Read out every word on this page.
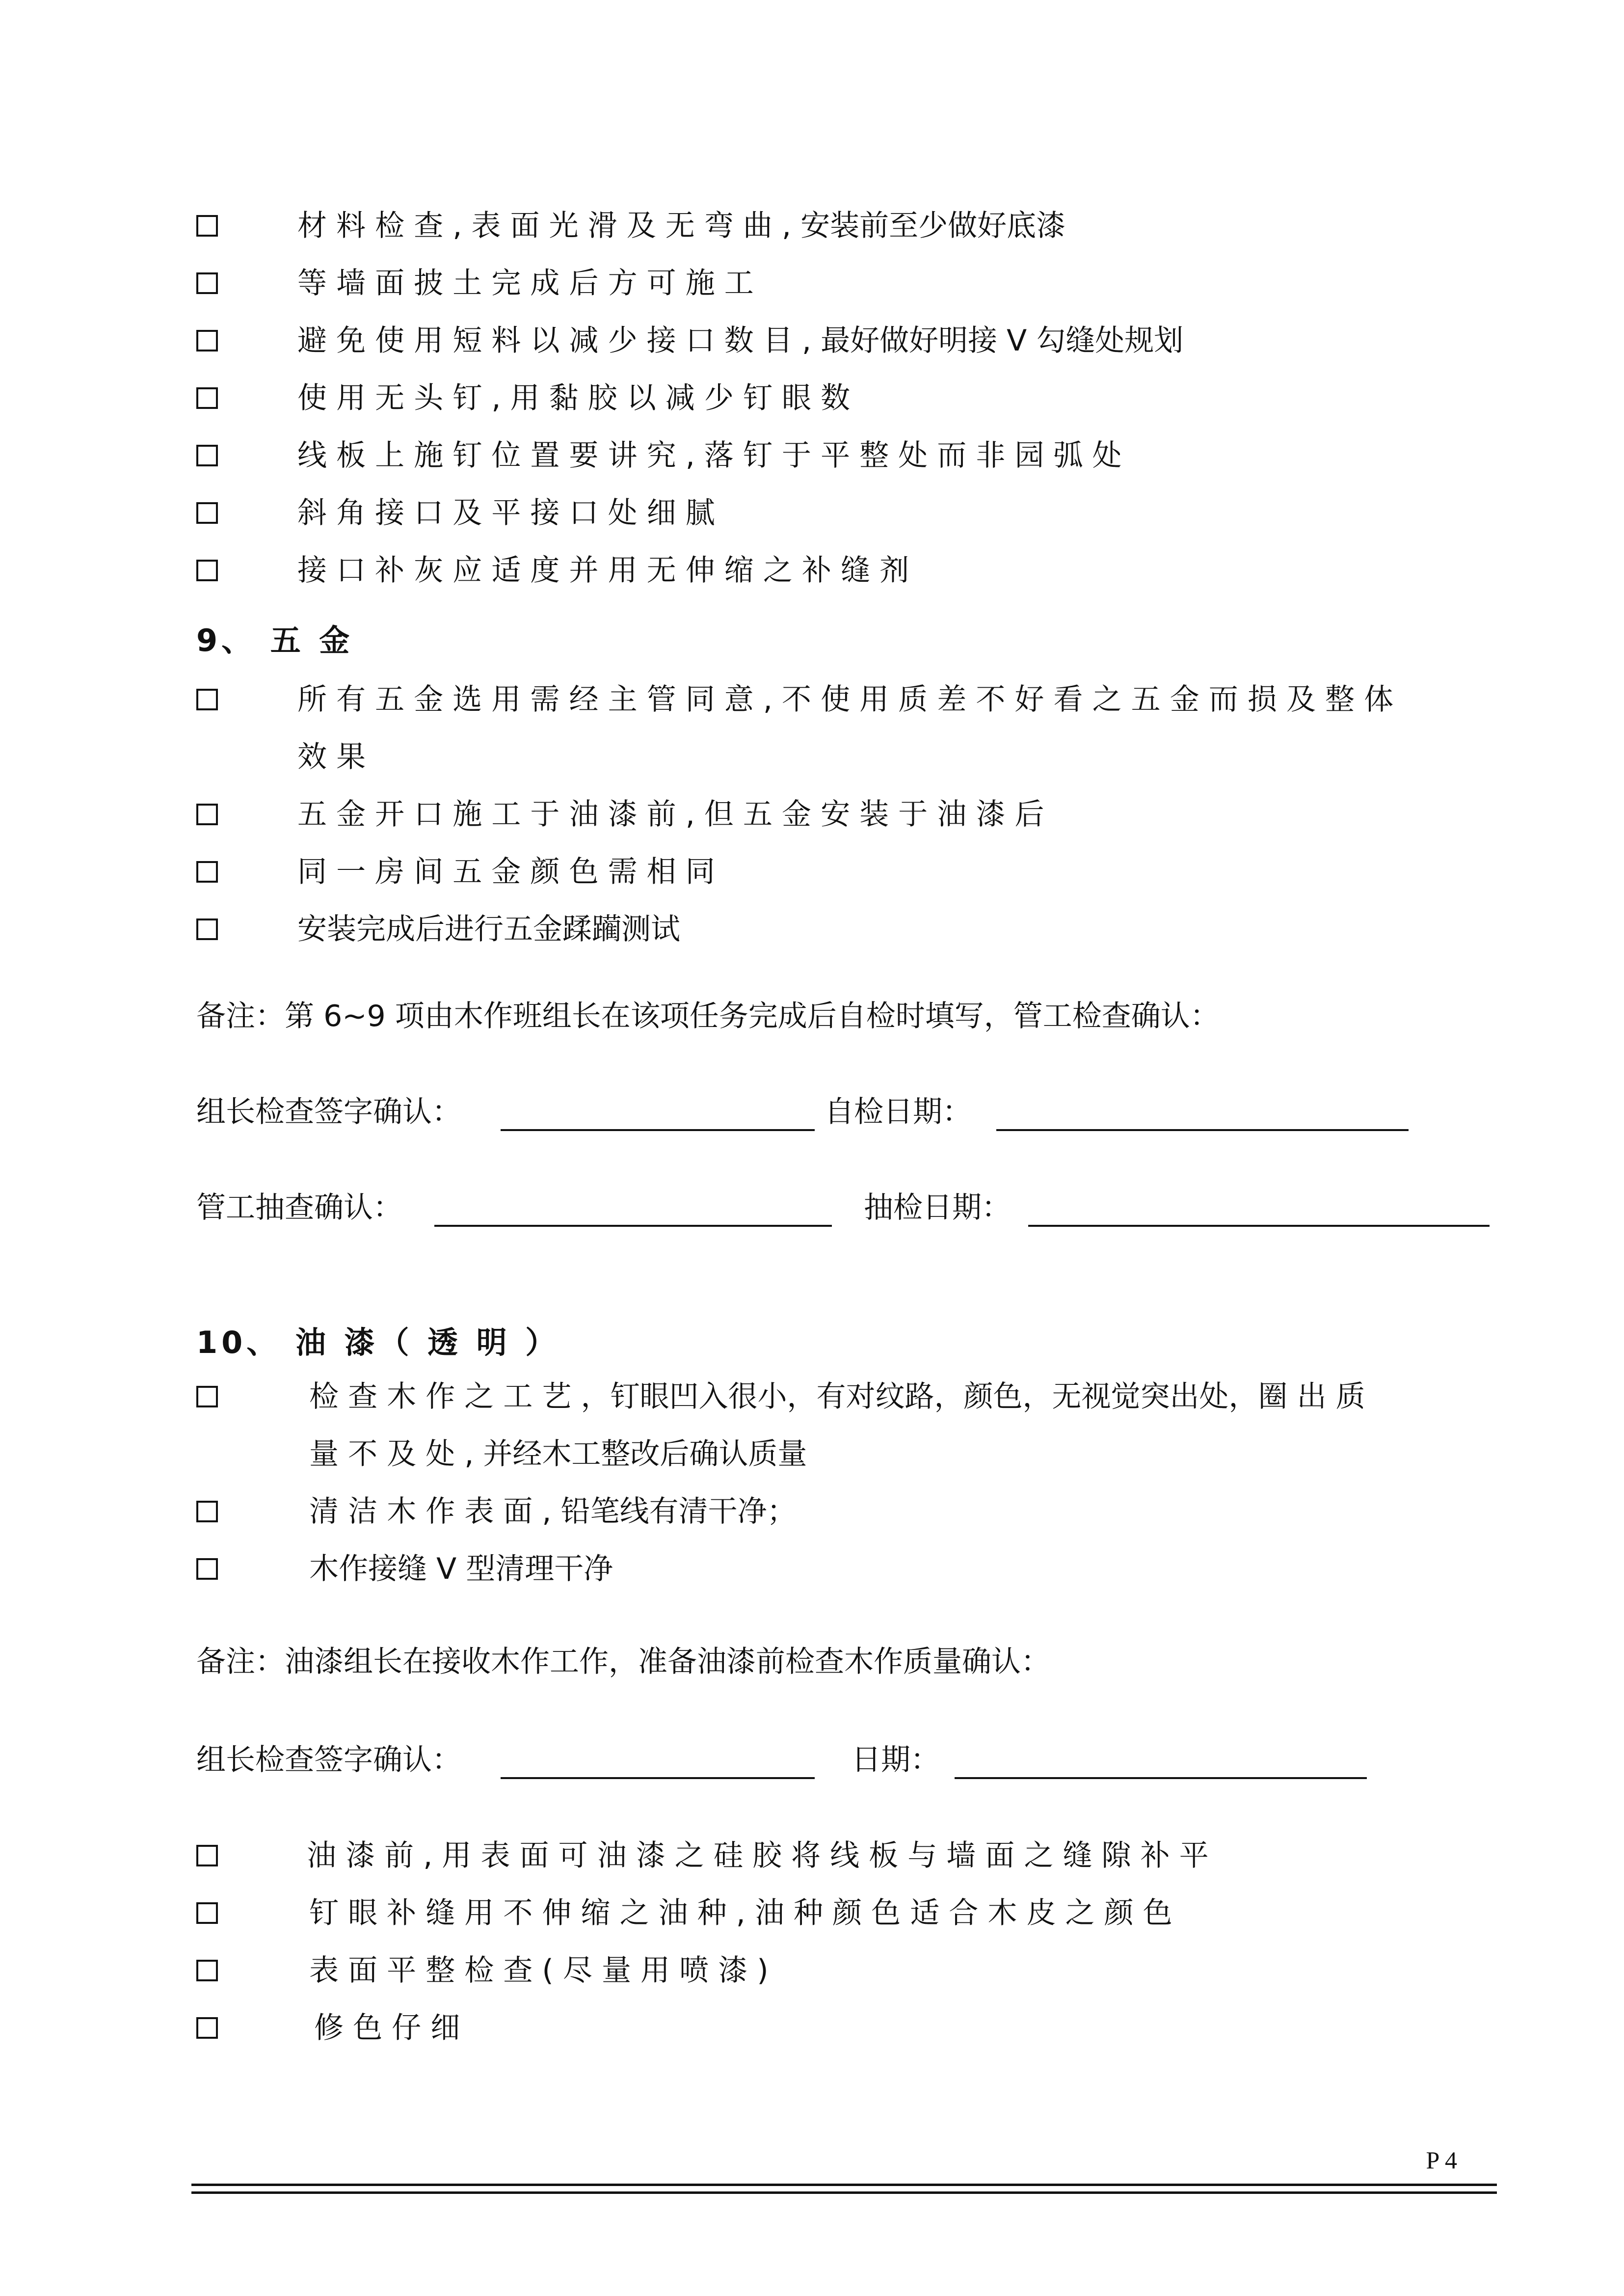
材 料 检 查 , 表 面 光 滑 及 无 弯 曲 , 安装前至少做好底漆
等 墙 面 披 土 完 成 后 方 可 施 工
避 免 使 用 短 料 以 减 少 接 口 数 目 , 最好做好明接 V 勾缝处规划
使 用 无 头 钉 , 用 黏 胶 以 减 少 钉 眼 数
线 板 上 施 钉 位 置 要 讲 究 , 落 钉 于 平 整 处 而 非 园 弧 处
斜 角 接 口 及 平 接 口 处 细 腻
接 口 补 灰 应 适 度 并 用 无 伸 缩 之 补 缝 剂
9、 五 金
所 有 五 金 选 用 需 经 主 管 同 意 , 不 使 用 质 差 不 好 看 之 五 金 而 损 及 整 体
效 果
五 金 开 口 施 工 于 油 漆 前 , 但 五 金 安 装 于 油 漆 后
同 一 房 间 五 金 颜 色 需 相 同
安装完成后进行五金蹂躏测试
备注：第 6~9 项由木作班组长在该项任务完成后自检时填写，管工检查确认：
组长检查签字确认：	自检日期：
管工抽查确认：	抽检日期：
10、 油 漆（ 透 明 ）
检 查 木 作 之 工 艺 ，钉眼凹入很小，有对纹路，颜色，无视觉突出处，圈 出 质
量 不 及 处 , 并经木工整改后确认质量
清 洁 木 作 表 面 , 铅笔线有清干净；
木作接缝 V 型清理干净
备注：油漆组长在接收木作工作，准备油漆前检查木作质量确认：
组长检查签字确认：	日期：
油 漆 前 , 用 表 面 可 油 漆 之 硅 胶 将 线 板 与 墙 面 之 缝 隙 补 平
钉 眼 补 缝 用 不 伸 缩 之 油 种 , 油 种 颜 色 适 合 木 皮 之 颜 色
表 面 平 整 检 查 ( 尽 量 用 喷 漆 )
修 色 仔 细
P 4
